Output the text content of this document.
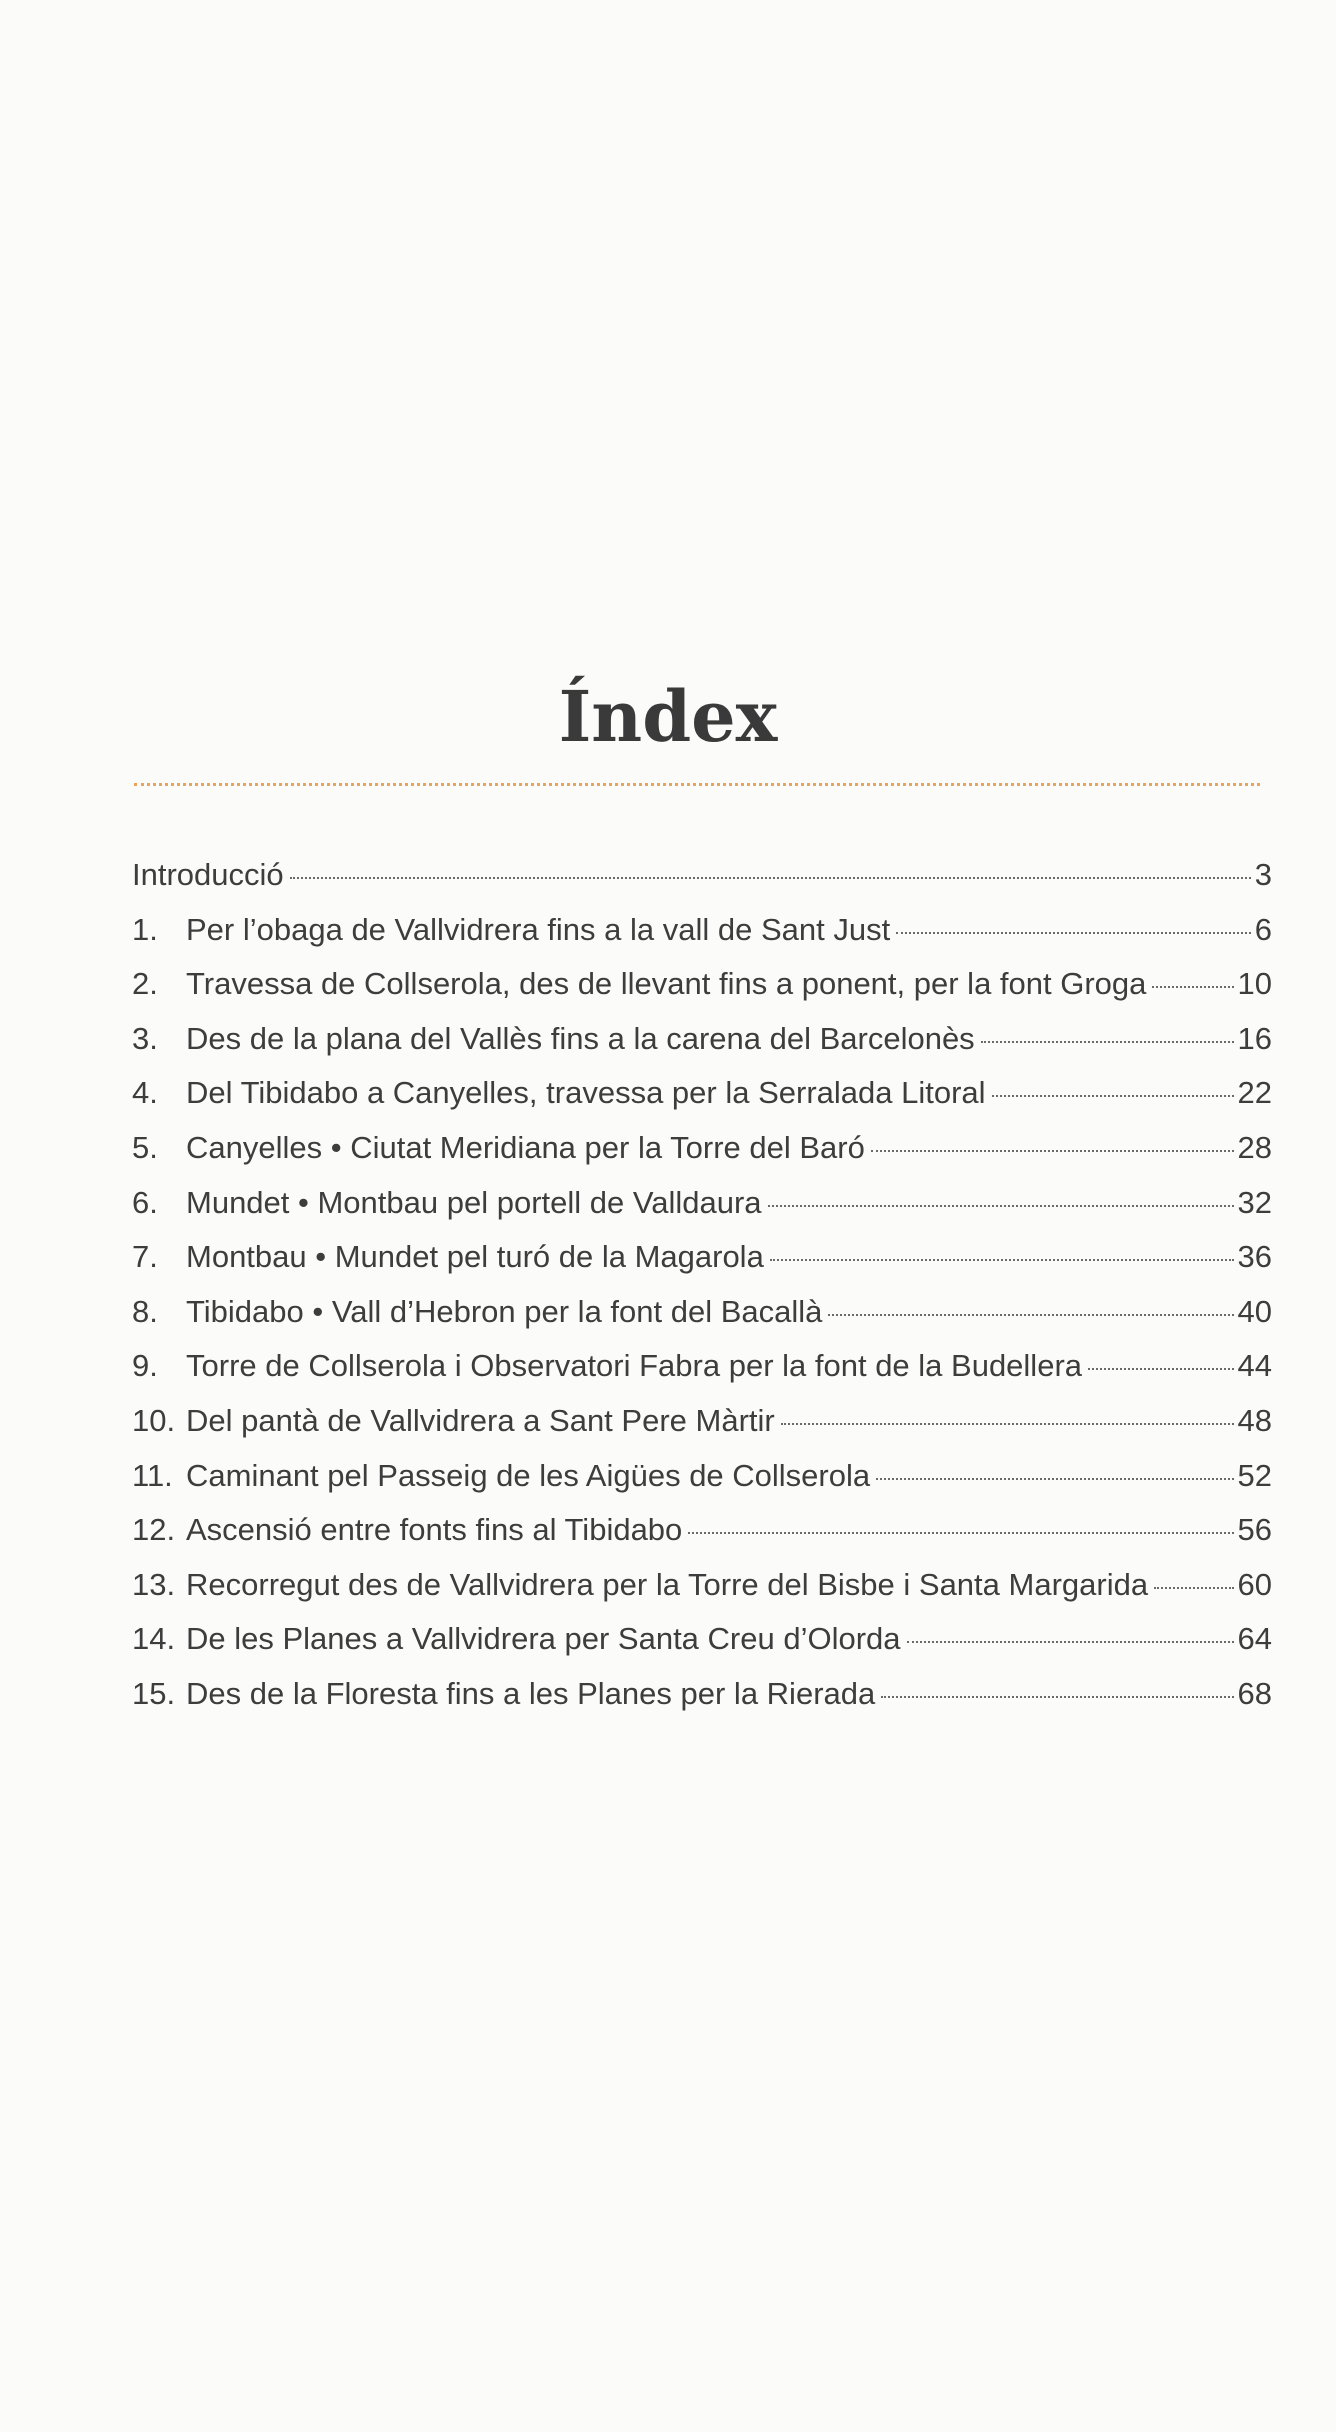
Índex
Introducció	3
1. Per l’obaga de Vallvidrera fins a la vall de Sant Just	6
2. Travessa de Collserola, des de llevant fins a ponent, per la font Groga	10
3. Des de la plana del Vallès fins a la carena del Barcelonès	16
4. Del Tibidabo a Canyelles, travessa per la Serralada Litoral	22
5. Canyelles • Ciutat Meridiana per la Torre del Baró	28
6. Mundet • Montbau pel portell de Valldaura	32
7. Montbau • Mundet pel turó de la Magarola	36
8. Tibidabo • Vall d’Hebron per la font del Bacallà	40
9. Torre de Collserola i Observatori Fabra per la font de la Budellera	44
10. Del pantà de Vallvidrera a Sant Pere Màrtir	48
11. Caminant pel Passeig de les Aigües de Collserola	52
12. Ascensió entre fonts fins al Tibidabo	56
13. Recorregut des de Vallvidrera per la Torre del Bisbe i Santa Margarida	60
14. De les Planes a Vallvidrera per Santa Creu d’Olorda	64
15. Des de la Floresta fins a les Planes per la Rierada	68
